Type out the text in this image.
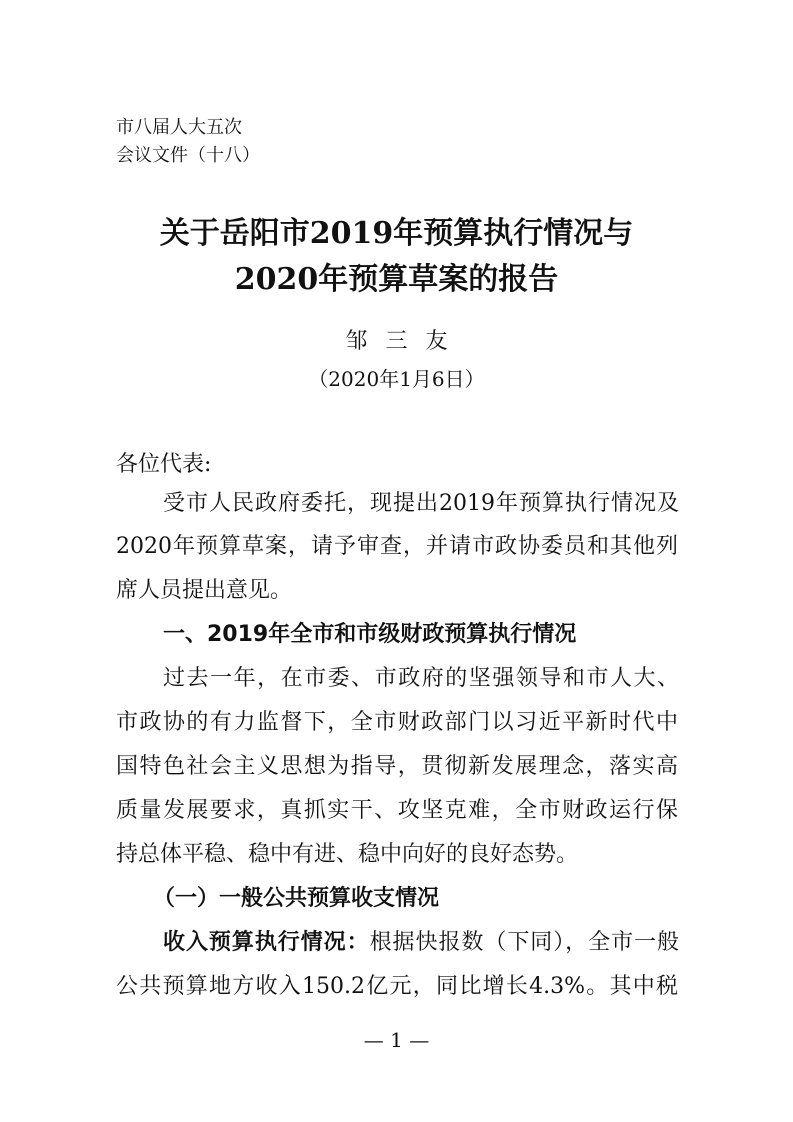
市八届人大五次
会议文件（十八）
关于岳阳市2019年预算执行情况与
2020年预算草案的报告
邹三友
（2020年1月6日）
各位代表:
受市人民政府委托，现提出2019年预算执行情况及
2020年预算草案，请予审查，并请市政协委员和其他列
席人员提出意见。
一、2019年全市和市级财政预算执行情况
过去一年，在市委、市政府的坚强领导和市人大、
市政协的有力监督下，全市财政部门以习近平新时代中
国特色社会主义思想为指导，贯彻新发展理念，落实高
质量发展要求，真抓实干、攻坚克难，全市财政运行保
持总体平稳、稳中有进、稳中向好的良好态势。
（一）一般公共预算收支情况
收入预算执行情况：根据快报数（下同），全市一般
公共预算地方收入150.2亿元，同比增长4.3%。其中税
— 1 —
